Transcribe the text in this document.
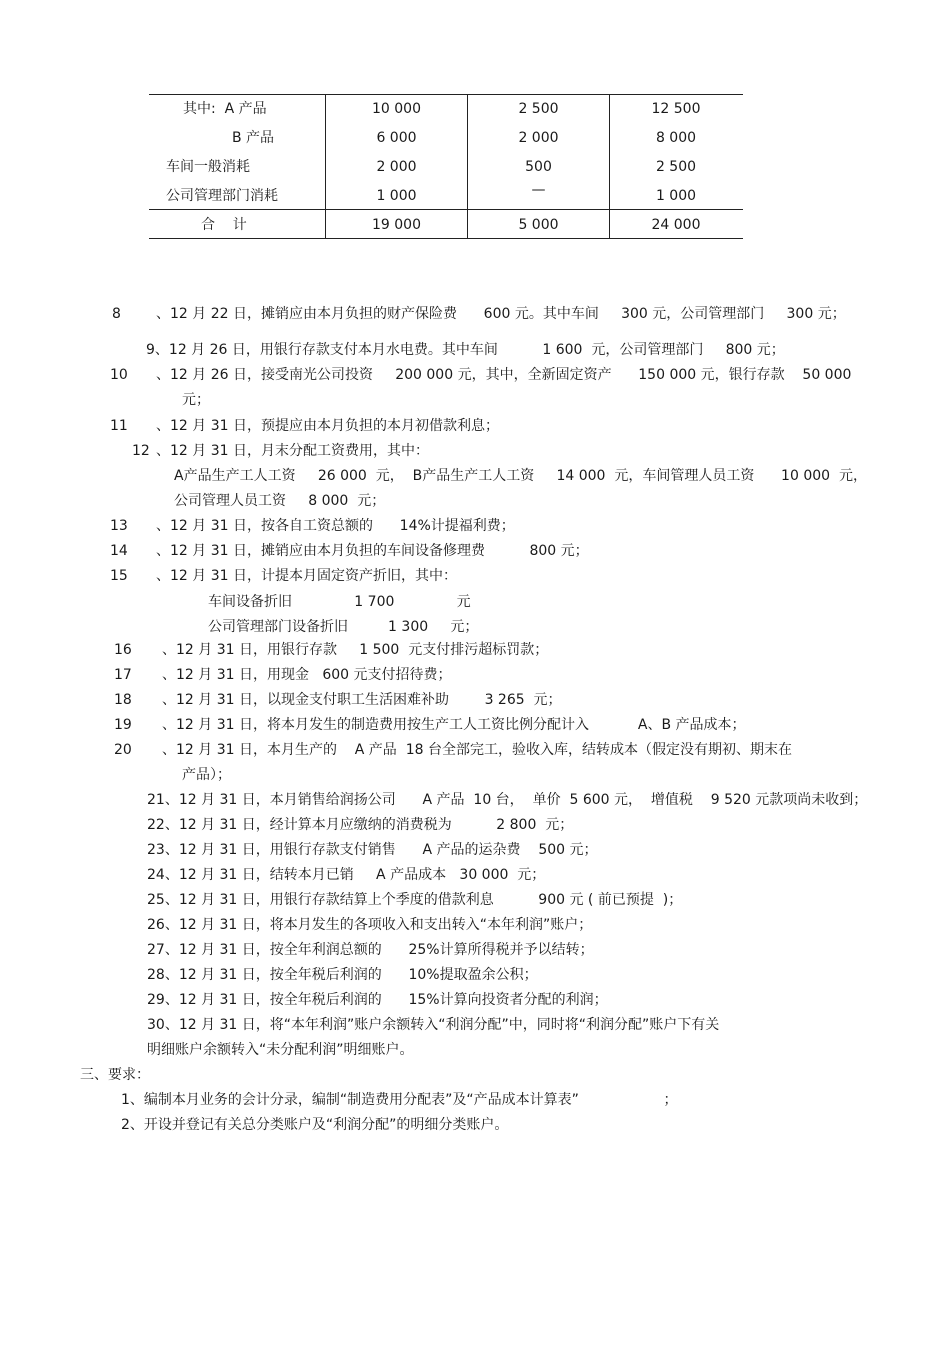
其中:  A 产品	10 000	2 500	12 500
B 产品	6 000	2 000	8 000
车间一般消耗	2 000	500	2 500
公司管理部门消耗	1 000	—	1 000
合    计	19 000	5 000	24 000
8	、12 月 22 日，摊销应由本月负担的财产保险费      600 元。其中车间     300 元，公司管理部门     300 元；
9、12 月 26 日，用银行存款支付本月水电费。其中车间          1 600  元，公司管理部门     800 元；
10 、12 月 26 日，接受南光公司投资     200 000 元，其中，全新固定资产      150 000 元，银行存款    50 000
元；
11 、12 月 31 日，预提应由本月负担的本月初借款利息；
12 、12 月 31 日，月末分配工资费用，其中：
A产品生产工人工资     26 000  元，  B产品生产工人工资     14 000  元，车间管理人员工资      10 000  元，
公司管理人员工资     8 000  元；
13 、12 月 31 日，按各自工资总额的      14%计提福利费；
14 、12 月 31 日，摊销应由本月负担的车间设备修理费          800 元；
15 、12 月 31 日，计提本月固定资产折旧，其中：
车间设备折旧              1 700              元
公司管理部门设备折旧         1 300     元；
16 、12 月 31 日，用银行存款     1 500  元支付排污超标罚款；
17 、12 月 31 日，用现金   600 元支付招待费；
18 、12 月 31 日，以现金支付职工生活困难补助        3 265  元；
19 、12 月 31 日，将本月发生的制造费用按生产工人工资比例分配计入           A、B 产品成本；
20 、12 月 31 日，本月生产的    A 产品  18 台全部完工，验收入库，结转成本（假定没有期初、期末在
产品）；
21、12 月 31 日，本月销售给润扬公司      A 产品  10 台，  单价  5 600 元，  增值税    9 520 元款项尚未收到；
22、12 月 31 日，经计算本月应缴纳的消费税为          2 800  元；
23、12 月 31 日，用银行存款支付销售      A 产品的运杂费    500 元；
24、12 月 31 日，结转本月已销     A 产品成本   30 000  元；
25、12 月 31 日，用银行存款结算上个季度的借款利息          900 元 ( 前已预提  )；
26、12 月 31 日，将本月发生的各项收入和支出转入“本年利润”账户；
27、12 月 31 日，按全年利润总额的      25%计算所得税并予以结转；
28、12 月 31 日，按全年税后利润的      10%提取盈余公积；
29、12 月 31 日，按全年税后利润的      15%计算向投资者分配的利润；
30、12 月 31 日，将“本年利润”账户余额转入“利润分配”中，同时将“利润分配”账户下有关
明细账户余额转入“未分配利润”明细账户。
三、要求：
1、编制本月业务的会计分录，编制“制造费用分配表”及“产品成本计算表”                   ；
2、开设并登记有关总分类账户及“利润分配”的明细分类账户。
